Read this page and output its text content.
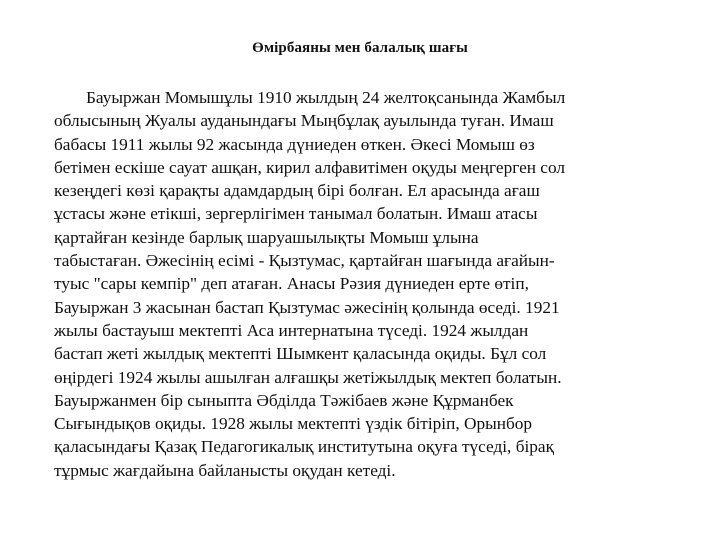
Өмірбаяны мен балалық шағы
Бауыржан Момышұлы 1910 жылдың 24 желтоқсанында Жамбыл
облысының Жуалы ауданындағы Мыңбұлақ ауылында туған. Имаш
бабасы 1911 жылы 92 жасында дүниеден өткен. Әкесі Момыш өз
бетімен ескіше сауат ашқан, кирил алфавитімен оқуды меңгерген сол
кезеңдегі көзі қарақты адамдардың бірі болған. Ел арасында ағаш
ұстасы және етікші, зергерлігімен танымал болатын. Имаш атасы
қартайған кезінде барлық шаруашылықты Момыш ұлына
табыстаған. Әжесінің есімі - Қызтумас, қартайған шағында ағайын-
туыс "сары кемпір" деп атаған. Анасы Рәзия дүниеден ерте өтіп,
Бауыржан 3 жасынан бастап Қызтумас әжесінің қолында өседі. 1921
жылы бастауыш мектепті Аса интернатына түседі. 1924 жылдан
бастап жеті жылдық мектепті Шымкент қаласында оқиды. Бұл сол
өңірдегі 1924 жылы ашылған алғашқы жетіжылдық мектеп болатын.
Бауыржанмен бір сыныпта Әбділда Тәжібаев және Құрманбек
Сығындықов оқиды. 1928 жылы мектепті үздік бітіріп, Орынбор
қаласындағы Қазақ Педагогикалық институтына оқуға түседі, бірақ
тұрмыс жағдайына байланысты оқудан кетеді.
